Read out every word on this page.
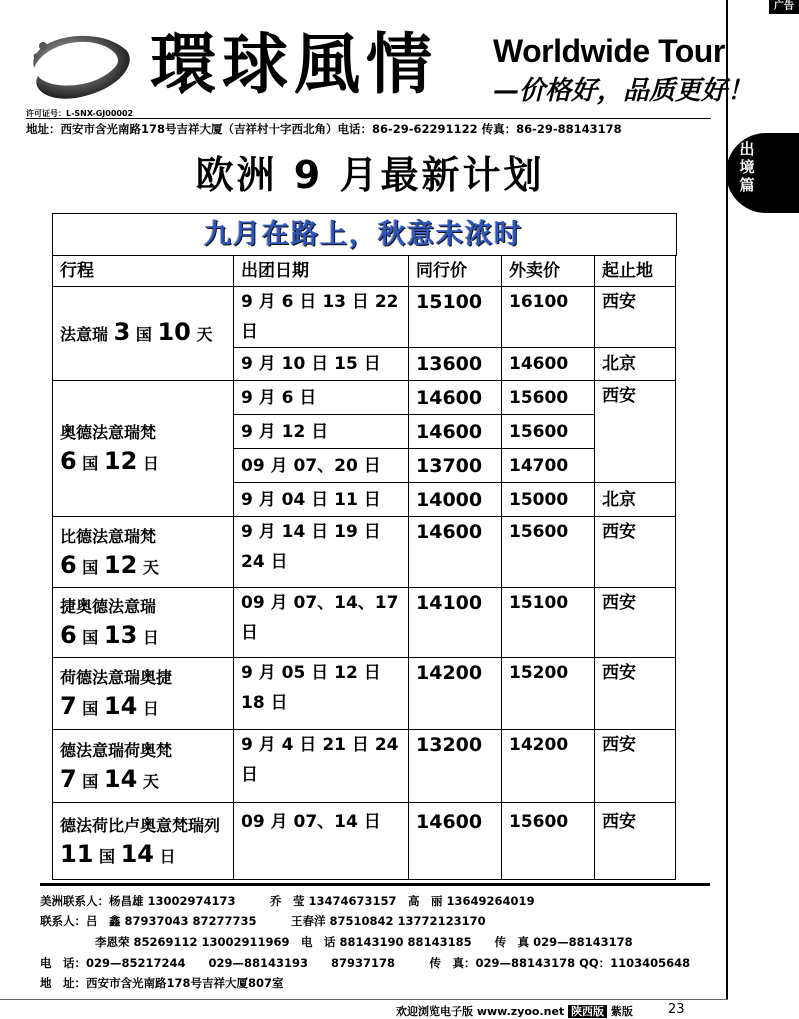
广告
環球風情 Worldwide Tour
—价格好，品质更好！
许可证号：L-SNX-GJ00002
地址：西安市含光南路178号吉祥大厦（吉祥村十字西北角）电话：86-29-62291122 传真：86-29-88143178
出境篇
欧洲 9 月最新计划
九月在路上，秋意未浓时
行程	出团日期	同行价	外卖价	起止地
法意瑞 3 国 10 天	9 月 6 日 13 日 22 日	15100	16100	西安
	9 月 10 日 15 日	13600	14600	北京
奥德法意瑞梵
6 国 12 日	9 月 6 日	14600	15600	西安
	9 月 12 日	14600	15600	
	09 月 07、20 日	13700	14700	
	9 月 04 日 11 日	14000	15000	北京
比德法意瑞梵
6 国 12 天	9 月 14 日 19 日 24 日	14600	15600	西安
捷奥德法意瑞
6 国 13 日	09 月 07、14、17 日	14100	15100	西安
荷德法意瑞奥捷
7 国 14 日	9 月 05 日 12 日 18 日	14200	15200	西安
德法意瑞荷奥梵
7 国 14 天	9 月 4 日 21 日 24 日	13200	14200	西安
德法荷比卢奥意梵瑞列 11 国 14 日	09 月 07、14 日	14600	15600	西安
美洲联系人：杨昌雄 13002974173　　　乔　莹 13474673157　高　丽 13649264019
联系人：吕　鑫 87937043 87277735　　　王春洋 87510842 13772123170
李恩荣 85269112 13002911969　电　话 88143190 88143185　　传　真 029—88143178
电　话：029—85217244　　029—88143193　　87937178　　　传　真：029—88143178 QQ：1103405648
地　址：西安市含光南路178号吉祥大厦807室
欢迎浏览电子版 www.zyoo.net 陕西版 紫版	23
